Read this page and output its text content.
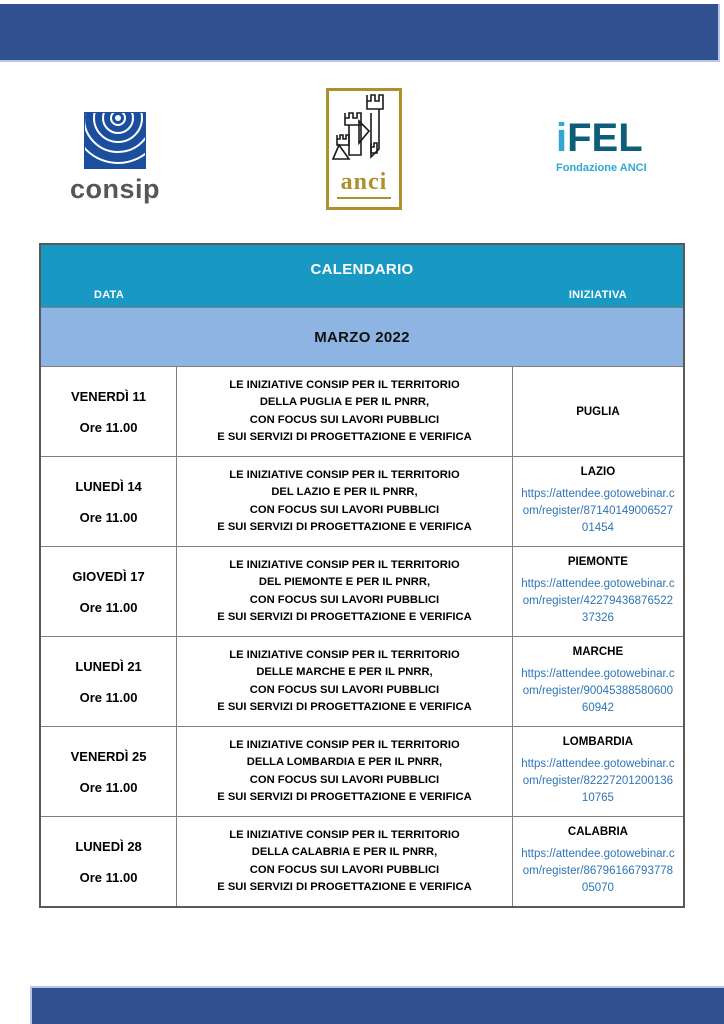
consip	anci
iFEL
Fondazione ANCI
CALENDARIO
DATA	INIZIATIVA
MARZO 2022
VENERDÌ 11
Ore 11.00
LE INIZIATIVE CONSIP PER IL TERRITORIO
DELLA PUGLIA E PER IL PNRR,
CON FOCUS SUI LAVORI PUBBLICI
E SUI SERVIZI DI PROGETTAZIONE E VERIFICA
PUGLIA
LUNEDÌ 14
Ore 11.00
LE INIZIATIVE CONSIP PER IL TERRITORIO
DEL LAZIO E PER IL PNRR,
CON FOCUS SUI LAVORI PUBBLICI
E SUI SERVIZI DI PROGETTAZIONE E VERIFICA
LAZIO
https://attendee.gotowebinar.com/register/8714014900652701454
GIOVEDÌ 17
Ore 11.00
LE INIZIATIVE CONSIP PER IL TERRITORIO
DEL PIEMONTE E PER IL PNRR,
CON FOCUS SUI LAVORI PUBBLICI
E SUI SERVIZI DI PROGETTAZIONE E VERIFICA
PIEMONTE
https://attendee.gotowebinar.com/register/4227943687652237326
LUNEDÌ 21
Ore 11.00
LE INIZIATIVE CONSIP PER IL TERRITORIO
DELLE MARCHE E PER IL PNRR,
CON FOCUS SUI LAVORI PUBBLICI
E SUI SERVIZI DI PROGETTAZIONE E VERIFICA
MARCHE
https://attendee.gotowebinar.com/register/9004538858060060942
VENERDÌ 25
Ore 11.00
LE INIZIATIVE CONSIP PER IL TERRITORIO
DELLA LOMBARDIA E PER IL PNRR,
CON FOCUS SUI LAVORI PUBBLICI
E SUI SERVIZI DI PROGETTAZIONE E VERIFICA
LOMBARDIA
https://attendee.gotowebinar.com/register/8222720120013610765
LUNEDÌ 28
Ore 11.00
LE INIZIATIVE CONSIP PER IL TERRITORIO
DELLA CALABRIA E PER IL PNRR,
CON FOCUS SUI LAVORI PUBBLICI
E SUI SERVIZI DI PROGETTAZIONE E VERIFICA
CALABRIA
https://attendee.gotowebinar.com/register/8679616679377805070
